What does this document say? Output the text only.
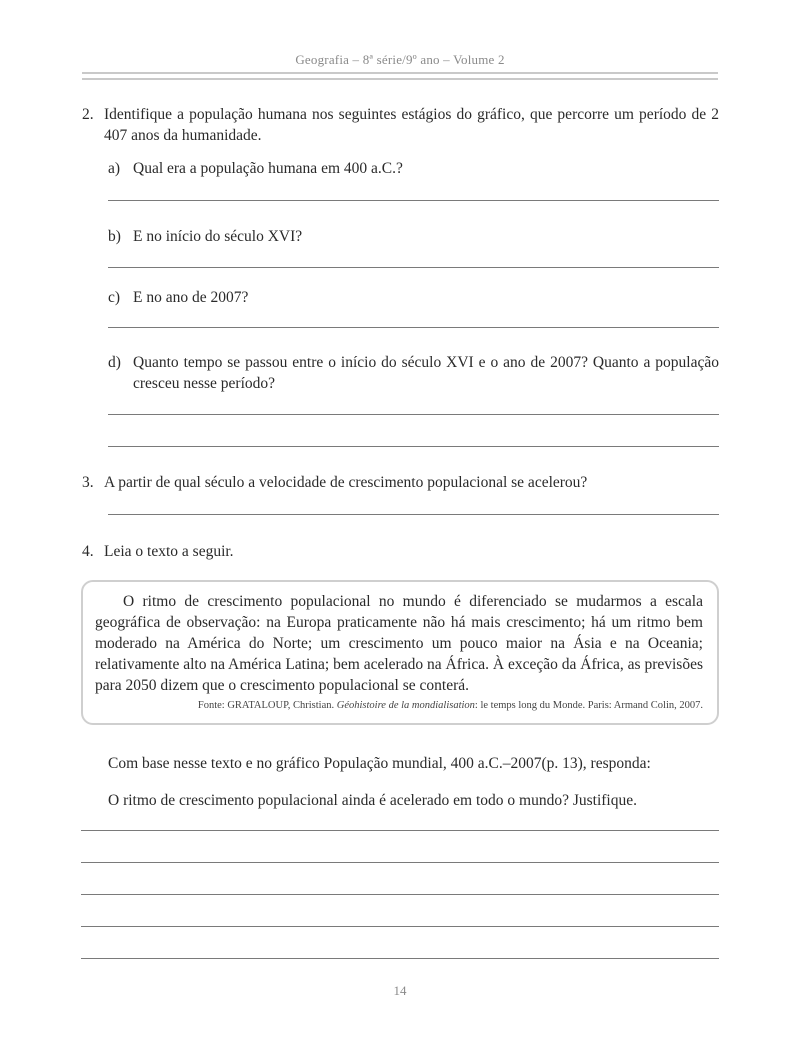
Geografia – 8ª série/9º ano – Volume 2
2. Identifique a população humana nos seguintes estágios do gráfico, que percorre um período de 2 407 anos da humanidade.
a) Qual era a população humana em 400 a.C.?
b) E no início do século XVI?
c) E no ano de 2007?
d) Quanto tempo se passou entre o início do século XVI e o ano de 2007? Quanto a população cresceu nesse período?
3. A partir de qual século a velocidade de crescimento populacional se acelerou?
4. Leia o texto a seguir.
O ritmo de crescimento populacional no mundo é diferenciado se mudarmos a escala geográfica de observação: na Europa praticamente não há mais crescimento; há um ritmo bem moderado na América do Norte; um crescimento um pouco maior na Ásia e na Oceania; relativamente alto na América Latina; bem acelerado na África. À exceção da África, as previsões para 2050 dizem que o crescimento populacional se conterá.
Fonte: GRATALOUP, Christian. Géohistoire de la mondialisation: le temps long du Monde. Paris: Armand Colin, 2007.
Com base nesse texto e no gráfico População mundial, 400 a.C.–2007(p. 13), responda:
O ritmo de crescimento populacional ainda é acelerado em todo o mundo? Justifique.
14
